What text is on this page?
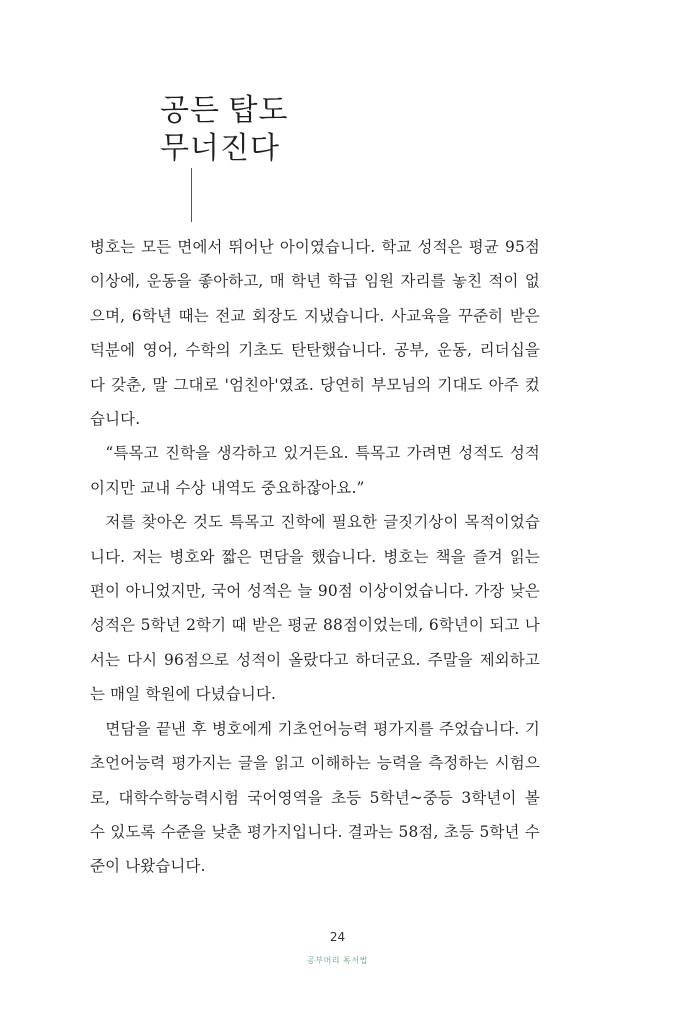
공든 탑도
무너진다

병호는 모든 면에서 뛰어난 아이였습니다. 학교 성적은 평균 95점 이상에, 운동을 좋아하고, 매 학년 학급 임원 자리를 놓친 적이 없으며, 6학년 때는 전교 회장도 지냈습니다. 사교육을 꾸준히 받은 덕분에 영어, 수학의 기초도 탄탄했습니다. 공부, 운동, 리더십을 다 갖춘, 말 그대로 '엄친아'였죠. 당연히 부모님의 기대도 아주 컸습니다.

“특목고 진학을 생각하고 있거든요. 특목고 가려면 성적도 성적이지만 교내 수상 내역도 중요하잖아요.”

저를 찾아온 것도 특목고 진학에 필요한 글짓기상이 목적이었습니다. 저는 병호와 짧은 면담을 했습니다. 병호는 책을 즐겨 읽는 편이 아니었지만, 국어 성적은 늘 90점 이상이었습니다. 가장 낮은 성적은 5학년 2학기 때 받은 평균 88점이었는데, 6학년이 되고 나서는 다시 96점으로 성적이 올랐다고 하더군요. 주말을 제외하고는 매일 학원에 다녔습니다.

면담을 끝낸 후 병호에게 기초언어능력 평가지를 주었습니다. 기초언어능력 평가지는 글을 읽고 이해하는 능력을 측정하는 시험으로, 대학수학능력시험 국어영역을 초등 5학년~중등 3학년이 볼 수 있도록 수준을 낮춘 평가지입니다. 결과는 58점, 초등 5학년 수준이 나왔습니다.

24
공부머리 독서법
